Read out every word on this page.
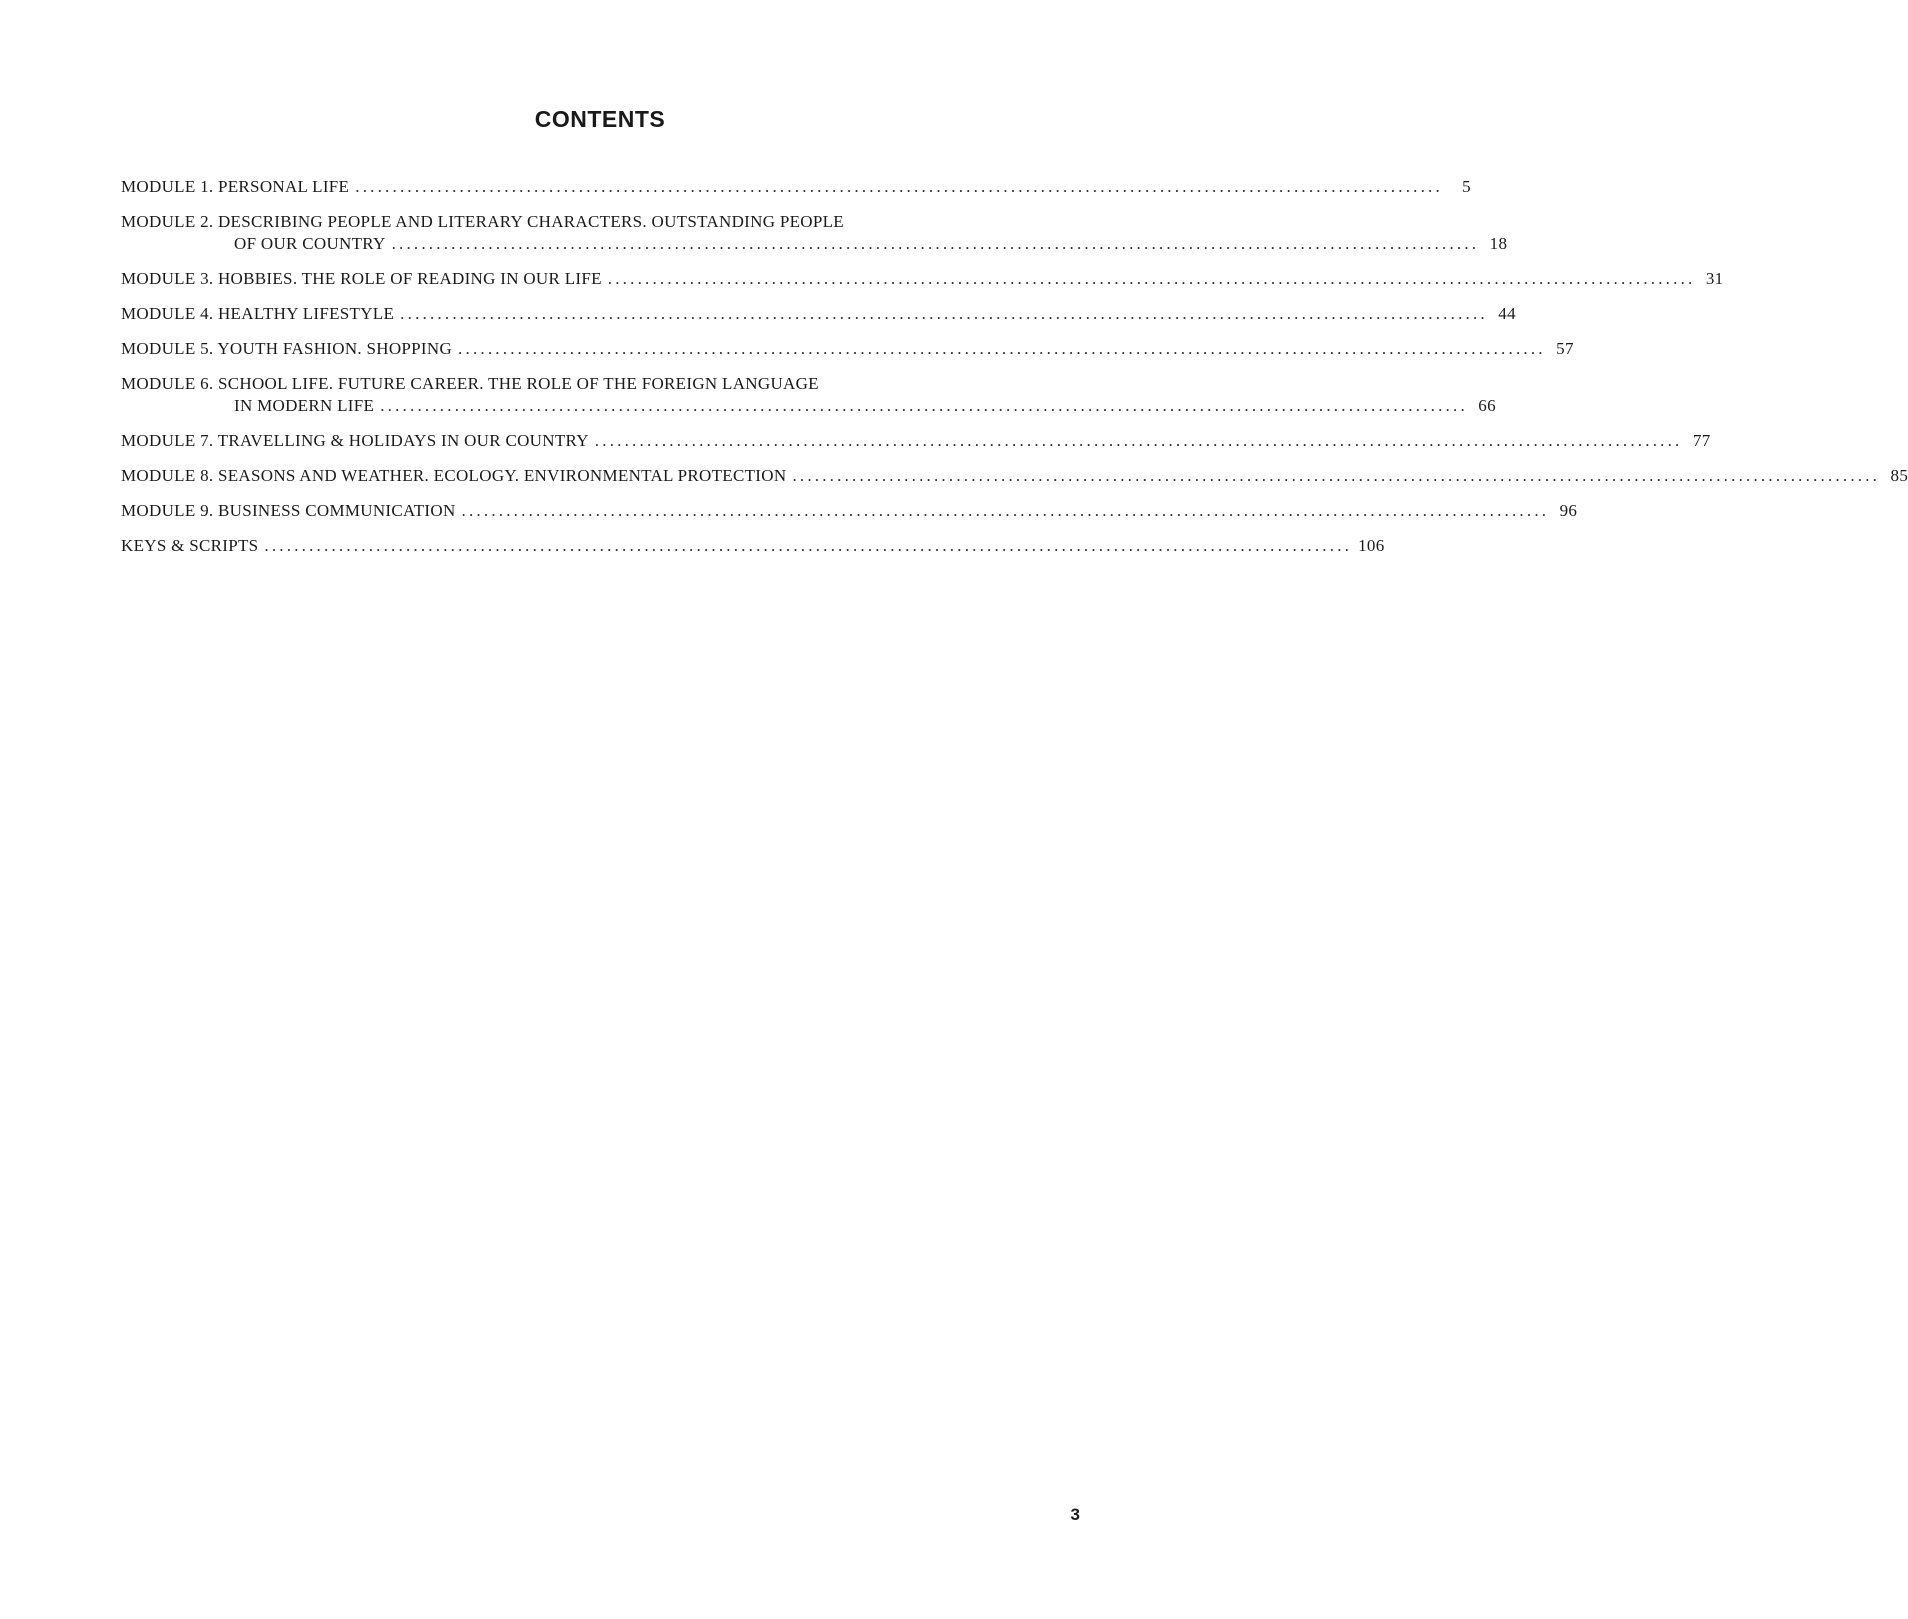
CONTENTS
MODULE 1. PERSONAL LIFE ..................................................................................................................................................	5
MODULE 2. DESCRIBING PEOPLE AND LITERARY CHARACTERS. OUTSTANDING PEOPLE
OF OUR COUNTRY .................................................................................................................................................. 18
MODULE 3. HOBBIES. THE ROLE OF READING IN OUR LIFE .................................................................................................................................................. 31
MODULE 4. HEALTHY LIFESTYLE .................................................................................................................................................. 44
MODULE 5. YOUTH FASHION. SHOPPING .................................................................................................................................................. 57
MODULE 6. SCHOOL LIFE. FUTURE CAREER. THE ROLE OF THE FOREIGN LANGUAGE
IN MODERN LIFE .................................................................................................................................................. 66
MODULE 7. TRAVELLING & HOLIDAYS IN OUR COUNTRY .................................................................................................................................................. 77
MODULE 8. SEASONS AND WEATHER. ECOLOGY. ENVIRONMENTAL PROTECTION .................................................................................................................................................. 85
MODULE 9. BUSINESS COMMUNICATION .................................................................................................................................................. 96
KEYS & SCRIPTS .................................................................................................................................................. 106
3
